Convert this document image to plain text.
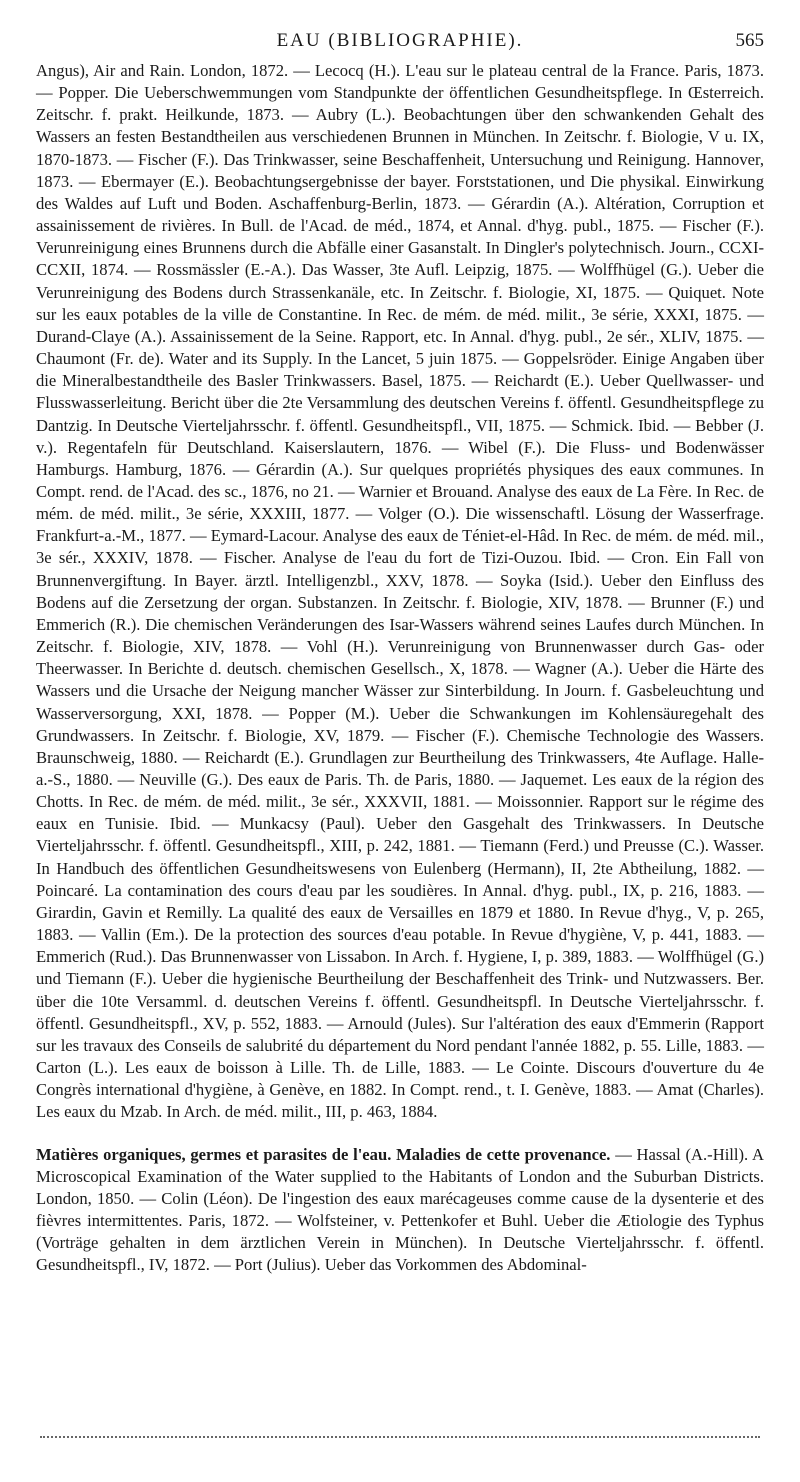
EAU (BIBLIOGRAPHIE).	565

Angus), Air and Rain. London, 1872. — Lecocq (H.). L'eau sur le plateau central de la France. Paris, 1873. — Popper. Die Ueberschwemmungen vom Standpunkte der öffentlichen Gesundheitspflege. In Œsterreich. Zeitschr. f. prakt. Heilkunde, 1873. — Aubry (L.). Beobachtungen über den schwankenden Gehalt des Wassers an festen Bestandtheilen aus verschiedenen Brunnen in München. In Zeitschr. f. Biologie, V u. IX, 1870-1873. — Fischer (F.). Das Trinkwasser, seine Beschaffenheit, Untersuchung und Reinigung. Hannover, 1873. — Ebermayer (E.). Beobachtungsergebnisse der bayer. Forststationen, und Die physikal. Einwirkung des Waldes auf Luft und Boden. Aschaffenburg-Berlin, 1873. — Gérardin (A.). Altération, Corruption et assainissement de rivières. In Bull. de l'Acad. de méd., 1874, et Annal. d'hyg. publ., 1875. — Fischer (F.). Verunreinigung eines Brunnens durch die Abfälle einer Gasanstalt. In Dingler's polytechnisch. Journ., CCXI-CCXII, 1874. — Rossmässler (E.-A.). Das Wasser, 3te Aufl. Leipzig, 1875. — Wolffhügel (G.). Ueber die Verunreinigung des Bodens durch Strassenkanäle, etc. In Zeitschr. f. Biologie, XI, 1875. — Quiquet. Note sur les eaux potables de la ville de Constantine. In Rec. de mém. de méd. milit., 3e série, XXXI, 1875. — Durand-Claye (A.). Assainissement de la Seine. Rapport, etc. In Annal. d'hyg. publ., 2e sér., XLIV, 1875. — Chaumont (Fr. de). Water and its Supply. In the Lancet, 5 juin 1875. — Goppelsröder. Einige Angaben über die Mineralbestandtheile des Basler Trinkwassers. Basel, 1875. — Reichardt (E.). Ueber Quellwasser- und Flusswasserleitung. Bericht über die 2te Versammlung des deutschen Vereins f. öffentl. Gesundheitspflege zu Dantzig. In Deutsche Vierteljahrsschr. f. öffentl. Gesundheitspfl., VII, 1875. — Schmick. Ibid. — Bebber (J. v.). Regentafeln für Deutschland. Kaiserslautern, 1876. — Wibel (F.). Die Fluss- und Bodenwässer Hamburgs. Hamburg, 1876. — Gérardin (A.). Sur quelques propriétés physiques des eaux communes. In Compt. rend. de l'Acad. des sc., 1876, no 21. — Warnier et Brouand. Analyse des eaux de La Fère. In Rec. de mém. de méd. milit., 3e série, XXXIII, 1877. — Volger (O.). Die wissenschaftl. Lösung der Wasserfrage. Frankfurt-a.-M., 1877. — Eymard-Lacour. Analyse des eaux de Téniet-el-Hâd. In Rec. de mém. de méd. mil., 3e sér., XXXIV, 1878. — Fischer. Analyse de l'eau du fort de Tizi-Ouzou. Ibid. — Cron. Ein Fall von Brunnenvergiftung. In Bayer. ärztl. Intelligenzbl., XXV, 1878. — Soyka (Isid.). Ueber den Einfluss des Bodens auf die Zersetzung der organ. Substanzen. In Zeitschr. f. Biologie, XIV, 1878. — Brunner (F.) und Emmerich (R.). Die chemischen Veränderungen des Isar-Wassers während seines Laufes durch München. In Zeitschr. f. Biologie, XIV, 1878. — Vohl (H.). Verunreinigung von Brunnenwasser durch Gas- oder Theerwasser. In Berichte d. deutsch. chemischen Gesellsch., X, 1878. — Wagner (A.). Ueber die Härte des Wassers und die Ursache der Neigung mancher Wässer zur Sinterbildung. In Journ. f. Gasbeleuchtung und Wasserversorgung, XXI, 1878. — Popper (M.). Ueber die Schwankungen im Kohlensäuregehalt des Grundwassers. In Zeitschr. f. Biologie, XV, 1879. — Fischer (F.). Chemische Technologie des Wassers. Braunschweig, 1880. — Reichardt (E.). Grundlagen zur Beurtheilung des Trinkwassers, 4te Auflage. Halle-a.-S., 1880. — Neuville (G.). Des eaux de Paris. Th. de Paris, 1880. — Jaquemet. Les eaux de la région des Chotts. In Rec. de mém. de méd. milit., 3e sér., XXXVII, 1881. — Moissonnier. Rapport sur le régime des eaux en Tunisie. Ibid. — Munkacsy (Paul). Ueber den Gasgehalt des Trinkwassers. In Deutsche Vierteljahrsschr. f. öffentl. Gesundheitspfl., XIII, p. 242, 1881. — Tiemann (Ferd.) und Preusse (C.). Wasser. In Handbuch des öffentlichen Gesundheitswesens von Eulenberg (Hermann), II, 2te Abtheilung, 1882. — Poincaré. La contamination des cours d'eau par les soudières. In Annal. d'hyg. publ., IX, p. 216, 1883. — Girardin, Gavin et Remilly. La qualité des eaux de Versailles en 1879 et 1880. In Revue d'hyg., V, p. 265, 1883. — Vallin (Em.). De la protection des sources d'eau potable. In Revue d'hygiène, V, p. 441, 1883. — Emmerich (Rud.). Das Brunnenwasser von Lissabon. In Arch. f. Hygiene, I, p. 389, 1883. — Wolffhügel (G.) und Tiemann (F.). Ueber die hygienische Beurtheilung der Beschaffenheit des Trink- und Nutzwassers. Ber. über die 10te Versamml. d. deutschen Vereins f. öffentl. Gesundheitspfl. In Deutsche Vierteljahrsschr. f. öffentl. Gesundheitspfl., XV, p. 552, 1883. — Arnould (Jules). Sur l'altération des eaux d'Emmerin (Rapport sur les travaux des Conseils de salubrité du département du Nord pendant l'année 1882, p. 55. Lille, 1883. — Carton (L.). Les eaux de boisson à Lille. Th. de Lille, 1883. — Le Cointe. Discours d'ouverture du 4e Congrès international d'hygiène, à Genève, en 1882. In Compt. rend., t. I. Genève, 1883. — Amat (Charles). Les eaux du Mzab. In Arch. de méd. milit., III, p. 463, 1884.

Matières organiques, germes et parasites de l'eau. Maladies de cette provenance. — Hassal (A.-Hill). A Microscopical Examination of the Water supplied to the Habitants of London and the Suburban Districts. London, 1850. — Colin (Léon). De l'ingestion des eaux marécageuses comme cause de la dysenterie et des fièvres intermittentes. Paris, 1872. — Wolfsteiner, v. Pettenkofer et Buhl. Ueber die Ætiologie des Typhus (Vorträge gehalten in dem ärztlichen Verein in München). In Deutsche Vierteljahrsschr. f. öffentl. Gesundheitspfl., IV, 1872. — Port (Julius). Ueber das Vorkommen des Abdominal-
